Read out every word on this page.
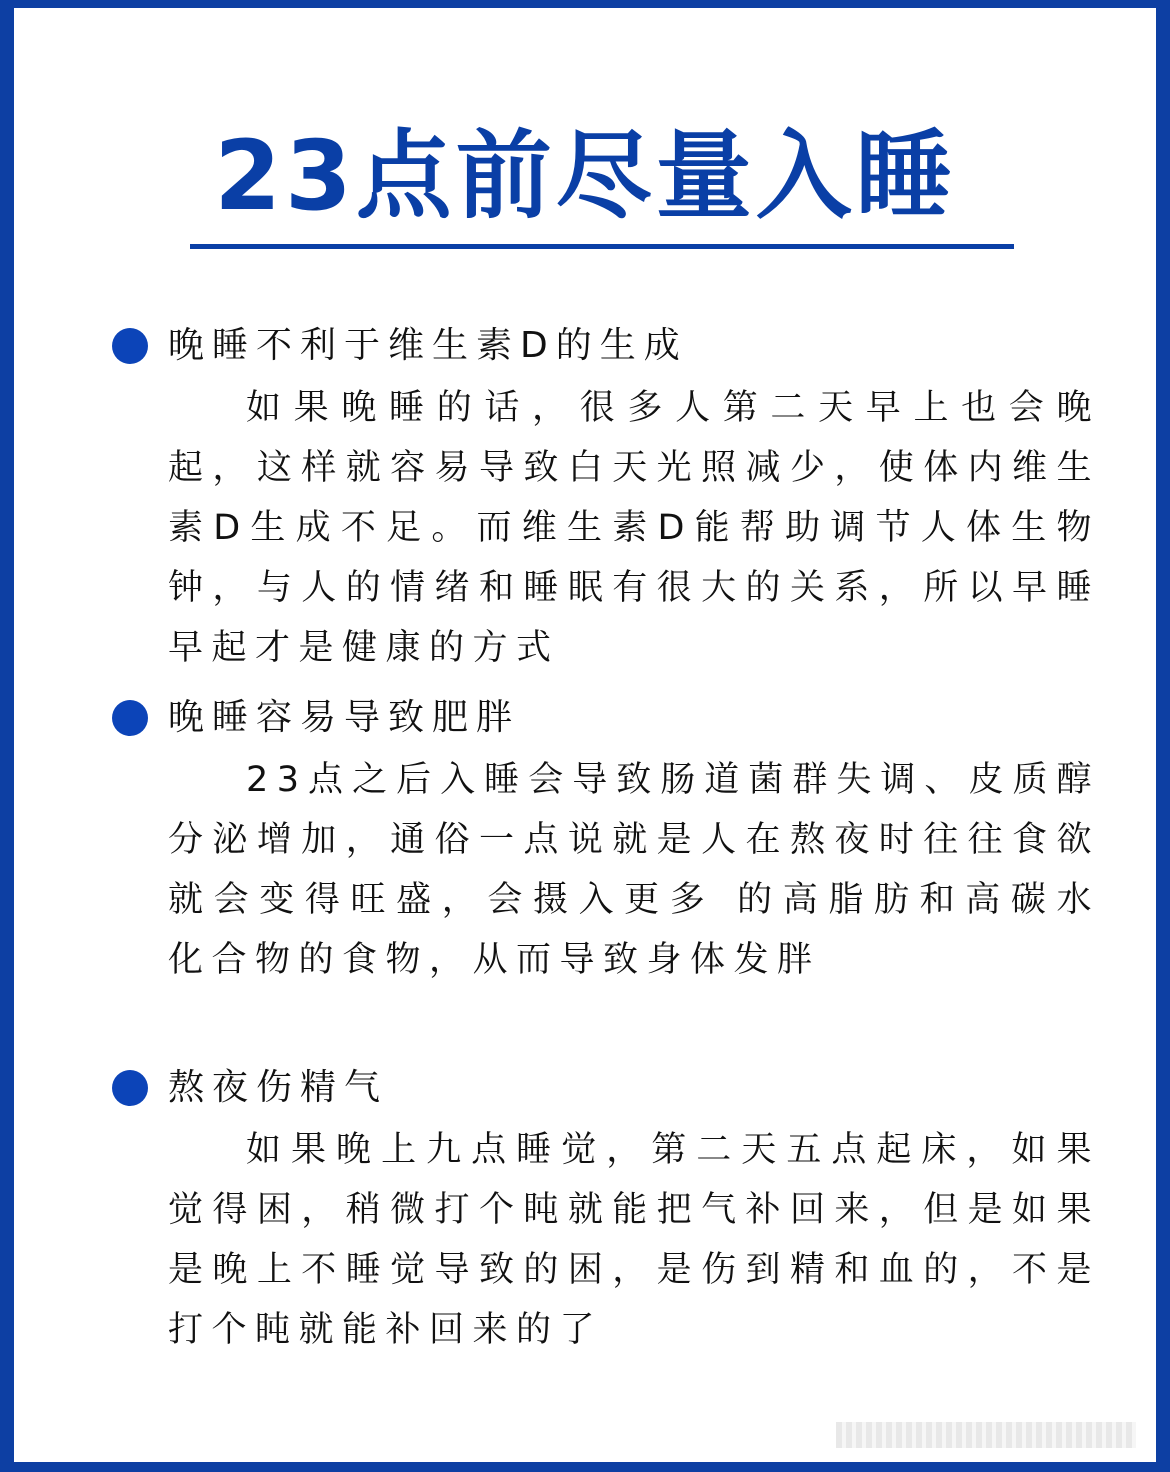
23点前尽量入睡
晚睡不利于维生素D的生成

如果晚睡的话，很多人第二天早上也会晚起，这样就容易导致白天光照减少，使体内维生素D生成不足。而维生素D能帮助调节人体生物钟，与人的情绪和睡眠有很大的关系，所以早睡早起才是健康的方式

晚睡容易导致肥胖

23点之后入睡会导致肠道菌群失调、皮质醇分泌增加，通俗一点说就是人在熬夜时往往食欲就会变得旺盛，会摄入更多 的高脂肪和高碳水化合物的食物，从而导致身体发胖

熬夜伤精气

如果晚上九点睡觉，第二天五点起床，如果觉得困，稍微打个盹就能把气补回来，但是如果是晚上不睡觉导致的困，是伤到精和血的，不是打个盹就能补回来的了
